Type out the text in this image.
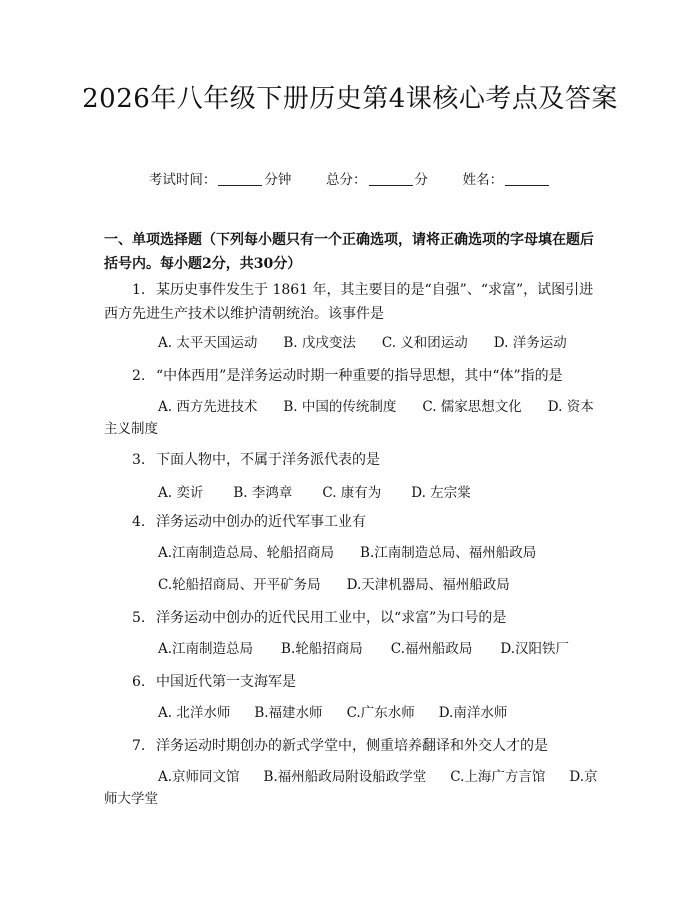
2026年八年级下册历史第4课核心考点及答案
考试时间：	分钟	总分：	分	姓名：
一、单项选择题（下列每小题只有一个正确选项，请将正确选项的字母填在题后括号内。每小题2分，共30分）
1. 某历史事件发生于 1861 年，其主要目的是“自强”、“求富”，试图引进西方先进生产技术以维护清朝统治。该事件是
A. 太平天国运动 B. 戊戌变法 C. 义和团运动 D. 洋务运动
2. “中体西用”是洋务运动时期一种重要的指导思想，其中“体”指的是
A. 西方先进技术 B. 中国的传统制度 C. 儒家思想文化 D. 资本主义制度
3. 下面人物中，不属于洋务派代表的是
A. 奕䜣 B. 李鸿章 C. 康有为 D. 左宗棠
4. 洋务运动中创办的近代军事工业有
A.江南制造总局、轮船招商局 B.江南制造总局、福州船政局
C.轮船招商局、开平矿务局 D.天津机器局、福州船政局
5. 洋务运动中创办的近代民用工业中，以“求富”为口号的是
A.江南制造总局 B.轮船招商局 C.福州船政局 D.汉阳铁厂
6. 中国近代第一支海军是
A. 北洋水师 B.福建水师 C.广东水师 D.南洋水师
7. 洋务运动时期创办的新式学堂中，侧重培养翻译和外交人才的是
A.京师同文馆 B.福州船政局附设船政学堂 C.上海广方言馆 D.京师大学堂
